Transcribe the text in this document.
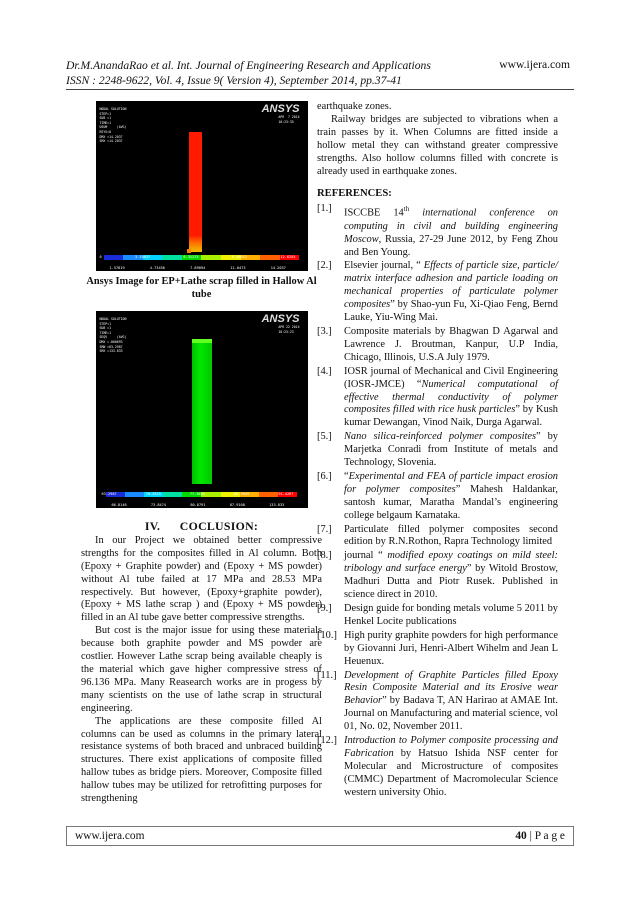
Dr.M.AnandaRao et al. Int. Journal of Engineering Research and Applications	www.ijera.com
ISSN : 2248-9622, Vol. 4, Issue 9( Version 4), September 2014, pp.37-41
NODAL SOLUTION
STEP=1
SUB =1
TIME=1
USUM     (AVG)
RSYS=0
DMX =14.2037
SMX =14.2037
ANSYS
APR  7 2014
10:23:35
0	3.15637	6.31275	9.46912	12.6255
1.57819	4.73456	7.89094	11.0473	14.2037
Ansys Image for EP+Lathe scrap filled in Hallow Al tube
NODAL SOLUTION
STEP=1
SUB =1
TIME=1
SEQV     (AVG)
DMX =.000693
SMN =63.2987
SMX =133.833
ANSYS
APR 22 2014
10:23:23
63.2987	70.3315	77.3632	84.3949	91.4267
66.8146	73.8474	80.8791	87.9108	133.833
IV.      COCLUSION:

In our Project we obtained better compressive strengths for the composites filled in Al column. Both (Epoxy + Graphite powder) and (Epoxy + MS powder) without Al tube failed at 17 MPa and 28.53 MPa respectively. But however, (Epoxy+graphite powder), (Epoxy + MS lathe scrap ) and (Epoxy + MS powder) filled in an Al tube gave better compressive strengths.

But cost is the major issue for using these materials because both graphite powder and MS powder are costlier. However Lathe scrap being available cheaply is the material which gave higher compressive stress of 96.136 MPa. Many Reasearch works are in progess by many scientists on the use of lathe scrap in structural engineering.

The applications are these composite filled Al columns can be used as columns in the primary lateral resistance systems of both braced and unbraced building structures. There exist applications of composite filled hallow tubes as bridge piers. Moreover, Composite filled hallow tubes may be utilized for retrofitting purposes for strengthening

earthquake zones.

Railway bridges are subjected to vibrations when a train passes by it. When Columns are fitted inside a hollow metal they can withstand greater compressive strengths. Also hollow columns filled with concrete is already used in earthquake zones.

REFERENCES:
[1.]	ISCCBE 14th international conference on computing in civil and building engineering Moscow, Russia, 27-29 June 2012, by Feng Zhou and Ben Young.
[2.]	Elsevier journal, “ Effects of particle size, particle/ matrix interface adhesion and particle loading on mechanical properties of particulate polymer composites” by Shao-yun Fu, Xi-Qiao Feng, Bernd Lauke, Yiu-Wing Mai.
[3.]	Composite materials by Bhagwan D Agarwal and Lawrence J. Broutman, Kanpur, U.P India, Chicago, Illinois, U.S.A July 1979.
[4.]	IOSR journal of Mechanical and Civil Engineering (IOSR-JMCE) “Numerical computational of effective thermal conductivity of polymer composites filled with rice husk particles” by Kush kumar Dewangan, Vinod Naik, Durga Agarwal.
[5.]	Nano silica-reinforced polymer composites” by Marjetka Conradi from Institute of metals and Technology, Slovenia.
[6.]	“Experimental and FEA of particle impact erosion for polymer composites” Mahesh Haldankar, santosh kumar, Maratha Mandal’s engineering college belgaum Karnataka.
[7.]	Particulate filled polymer composites second edition by R.N.Rothon, Rapra Technology limited
[8.]	journal “ modified epoxy coatings on mild steel: tribology and surface energy” by Witold Brostow, Madhuri Dutta and Piotr Rusek. Published in science direct in 2010.
[9.]	Design guide for bonding metals volume 5 2011 by Henkel Locite publications
[10.] High purity graphite powders for high performance by Giovanni Juri, Henri-Albert Wihelm and Jean L Heuenux.
[11.] Development of Graphite Particles filled Epoxy Resin Composite Material and its Erosive wear Behavior” by Badava T, AN Harirao at AMAE Int. Journal on Manufacturing and material science, vol 01, No. 02, November 2011.
[12.] Introduction to Polymer composite processing and Fabrication by Hatsuo Ishida NSF center for Molecular and Microstructure of composites (CMMC) Department of Macromolecular Science western university Ohio.
www.ijera.com	40 | P a g e
